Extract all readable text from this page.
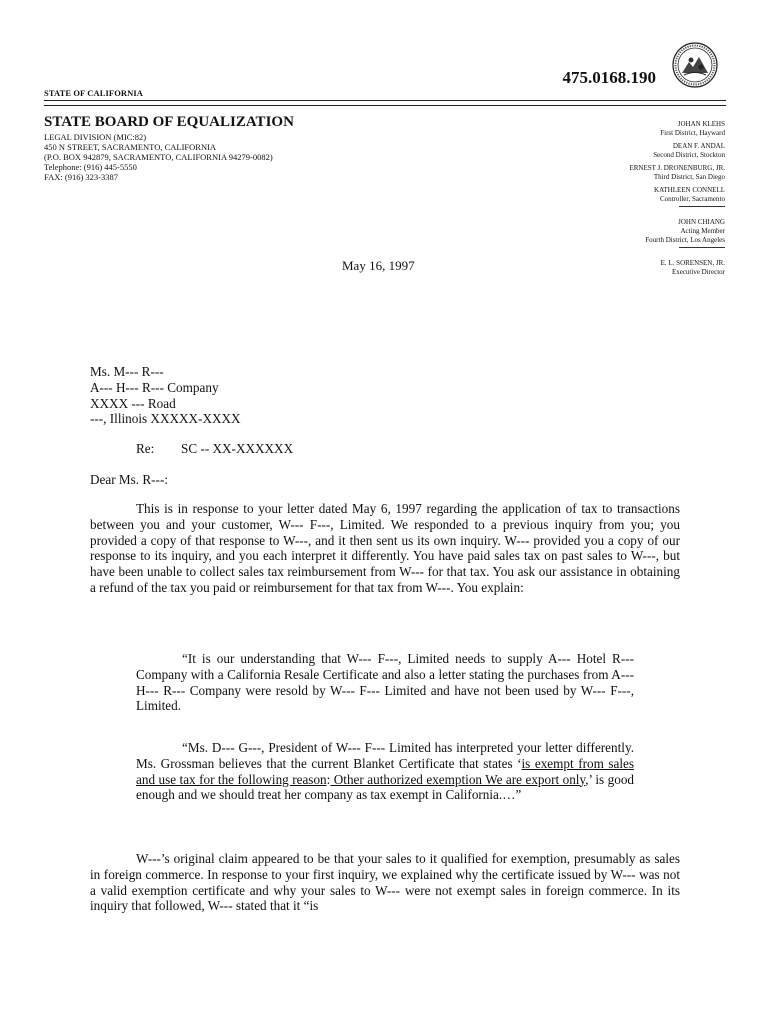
475.0168.190
STATE OF CALIFORNIA
STATE BOARD OF EQUALIZATION
LEGAL DIVISION (MIC:82)
450 N STREET, SACRAMENTO, CALIFORNIA
(P.O. BOX 942879, SACRAMENTO, CALIFORNIA 94279-0082)
Telephone: (916) 445-5550
FAX: (916) 323-3387
JOHAN KLEHS
First District, Hayward
DEAN F. ANDAL
Second District, Stockton
ERNEST J. DRONENBURG, JR.
Third District, San Diego
KATHLEEN CONNELL
Controller, Sacramento
JOHN CHIANG
Acting Member
Fourth District, Los Angeles
E. L. SORENSEN, JR.
Executive Director
May 16, 1997
Ms. M--- R---
A--- H--- R--- Company
XXXX --- Road
---, Illinois XXXXX-XXXX
Re: SC -- XX-XXXXXX
Dear Ms. R---:

This is in response to your letter dated May 6, 1997 regarding the application of tax to transactions between you and your customer, W--- F---, Limited. We responded to a previous inquiry from you; you provided a copy of that response to W---, and it then sent us its own inquiry. W--- provided you a copy of our response to its inquiry, and you each interpret it differently. You have paid sales tax on past sales to W---, but have been unable to collect sales tax reimbursement from W--- for that tax. You ask our assistance in obtaining a refund of the tax you paid or reimbursement for that tax from W---. You explain:

“It is our understanding that W--- F---, Limited needs to supply A--- Hotel R--- Company with a California Resale Certificate and also a letter stating the purchases from A--- H--- R--- Company were resold by W--- F--- Limited and have not been used by W--- F---, Limited.

“Ms. D--- G---, President of W--- F--- Limited has interpreted your letter differently. Ms. Grossman believes that the current Blanket Certificate that states ‘is exempt from sales and use tax for the following reason: Other authorized exemption We are export only,’ is good enough and we should treat her company as tax exempt in California.…”

W---’s original claim appeared to be that your sales to it qualified for exemption, presumably as sales in foreign commerce. In response to your first inquiry, we explained why the certificate issued by W--- was not a valid exemption certificate and why your sales to W--- were not exempt sales in foreign commerce. In its inquiry that followed, W--- stated that it “is
